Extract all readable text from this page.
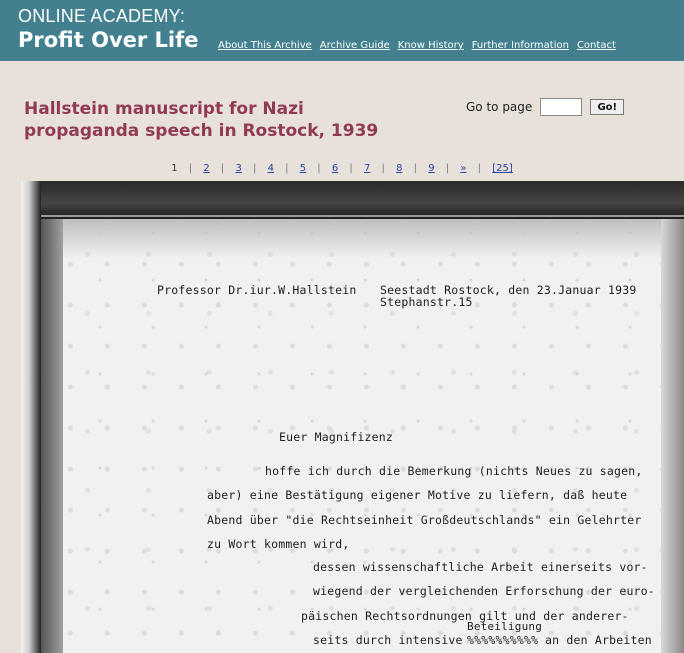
ONLINE ACADEMY:
Profit Over Life About This Archive Archive Guide Know History Further Information Contact
Hallstein manuscript for Nazi propaganda speech in Rostock, 1939
Go to page	Go!
1 | 2 | 3 | 4 | 5 | 6 | 7 | 8 | 9 | » | [25]
Professor Dr.iur.W.Hallstein Seestadt Rostock, den 23.Januar 1939
Stephanstr.15
Euer Magnifizenz
hoffe ich durch die Bemerkung (nichts Neues zu sagen,
aber) eine Bestätigung eigener Motive zu liefern, daß heute
Abend über "die Rechtseinheit Großdeutschlands" ein Gelehrter
zu Wort kommen wird,
dessen wissenschaftliche Arbeit einerseits vor-
wiegend der vergleichenden Erforschung der euro-
päischen Rechtsordnungen gilt und der anderer-
Beteiligung
seits durch intensive %%%%%%%%%% an den Arbeiten
